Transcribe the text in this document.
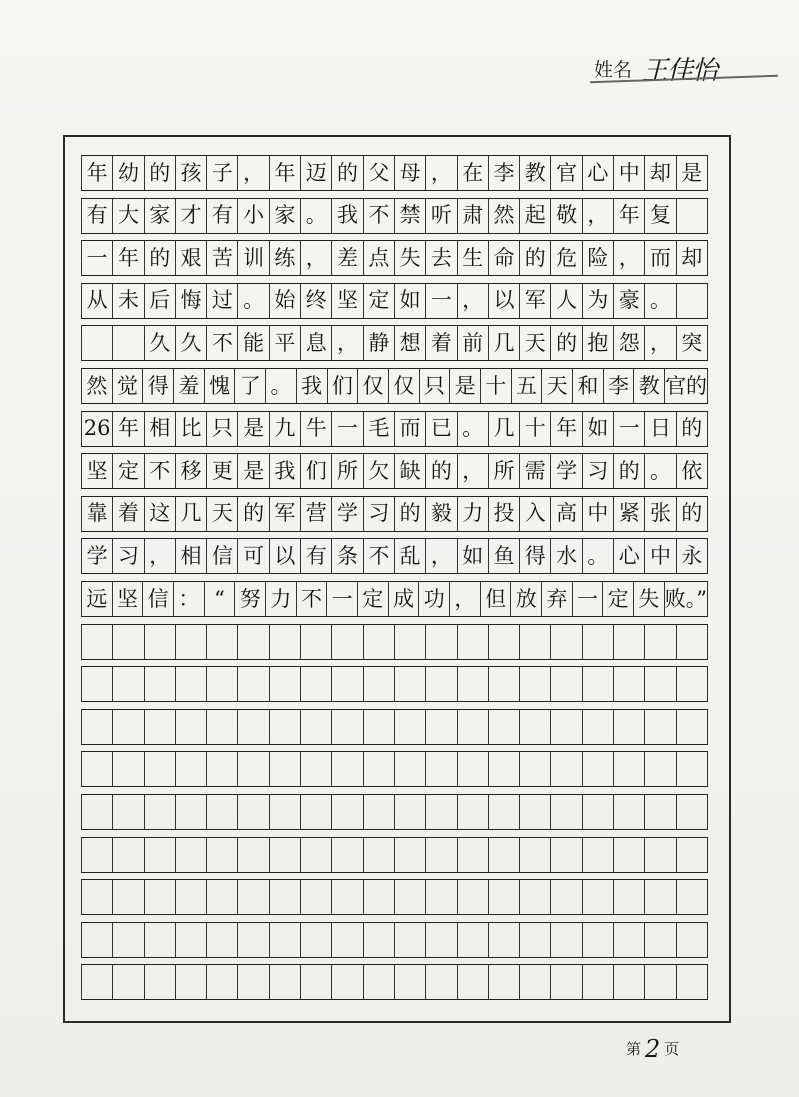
姓名 王佳怡
年 幼 的 孩 子 ， 年 迈 的 父 母 ， 在 李 教 官 心 中 却 是
有 大 家 才 有 小 家 。 我 不 禁 听 肃 然 起 敬 ， 年 复
一 年 的 艰 苦 训 练 ， 差 点 失 去 生 命 的 危 险 ， 而 却
从 未 后 悔 过 。 始 终 坚 定 如 一 ， 以 军 人 为 豪 。
久 久 不 能 平 息 ， 静 想 着 前 几 天 的 抱 怨 ， 突
然 觉 得 羞 愧 了 。 我 们 仅 仅 只 是 十 五 天 和 李 教 官的
26 年 相 比 只 是 九 牛 一 毛 而 已 。 几 十 年 如 一 日 的
坚 定 不 移 更 是 我 们 所 欠 缺 的 ， 所 需 学 习 的 。 依
靠 着 这 几 天 的 军 营 学 习 的 毅 力 投 入 高 中 紧 张 的
学 习 ， 相 信 可 以 有 条 不 乱 ， 如 鱼 得 水 。 心 中 永
远 坚 信 ： “ 努 力 不 一 定 成 功 ， 但 放 弃 一 定 失 败。”
第 2 页
